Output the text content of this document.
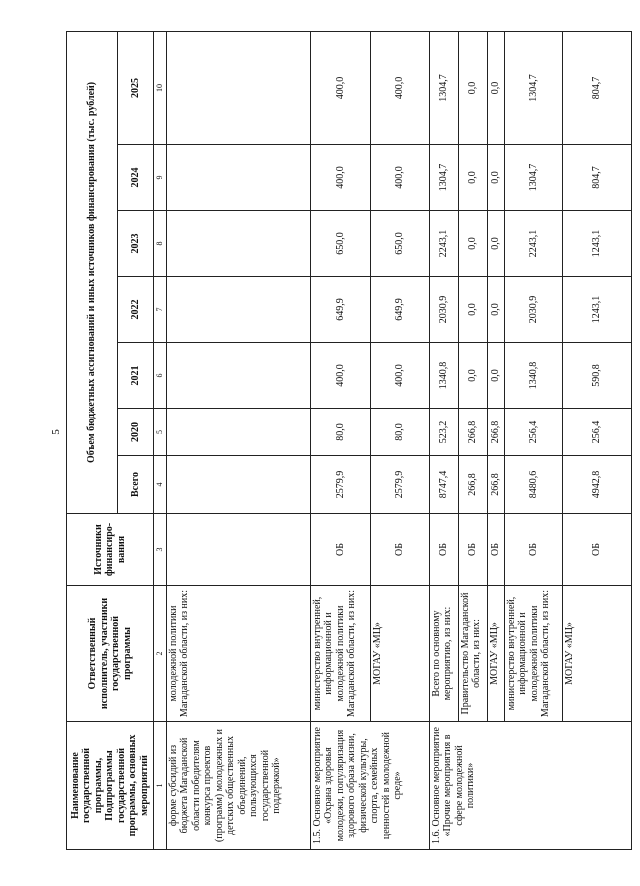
5
Наименование государственной программы, Подпрограммы государственной программы, основных мероприятий	Ответственный исполнитель, участники государственной программы	Источники финансиро-вания	Объем бюджетных ассигнований и иных источников финансирования (тыс. рублей)						
			Всего	2020	2021	2022	2023	2024	2025
1	2	3	4	5	6	7	8	9	10
форме субсидий из бюджета Магаданской области победителям конкурса проектов (программ) молодежных и детских общественных объединений, пользующихся государственной поддержкой»	молодежной политики Магаданской области, из них:								
1.5. Основное мероприятие «Охрана здоровья молодежи, популяризация здорового образа жизни, физической культуры, спорта, семейных ценностей в молодежной среде»	министерство внутренней, информационной и молодежной политики Магаданской области, из них:	ОБ	2579,9	80,0	400,0	649,9	650,0	400,0	400,0
	МОГАУ «МЦ»	ОБ	2579,9	80,0	400,0	649,9	650,0	400,0	400,0
1.6. Основное мероприятие «Прочие мероприятия в сфере молодежной политики»	Всего по основному мероприятию, из них:	ОБ	8747,4	523,2	1340,8	2030,9	2243,1	1304,7	1304,7
	Правительство Магаданской области, из них:	ОБ	266,8	266,8	0,0	0,0	0,0	0,0	0,0
	МОГАУ «МЦ»	ОБ	266,8	266,8	0,0	0,0	0,0	0,0	0,0
	министерство внутренней, информационной и молодежной политики Магаданской области, из них:	ОБ	8480,6	256,4	1340,8	2030,9	2243,1	1304,7	1304,7
	МОГАУ «МЦ»	ОБ	4942,8	256,4	590,8	1243,1	1243,1	804,7	804,7
